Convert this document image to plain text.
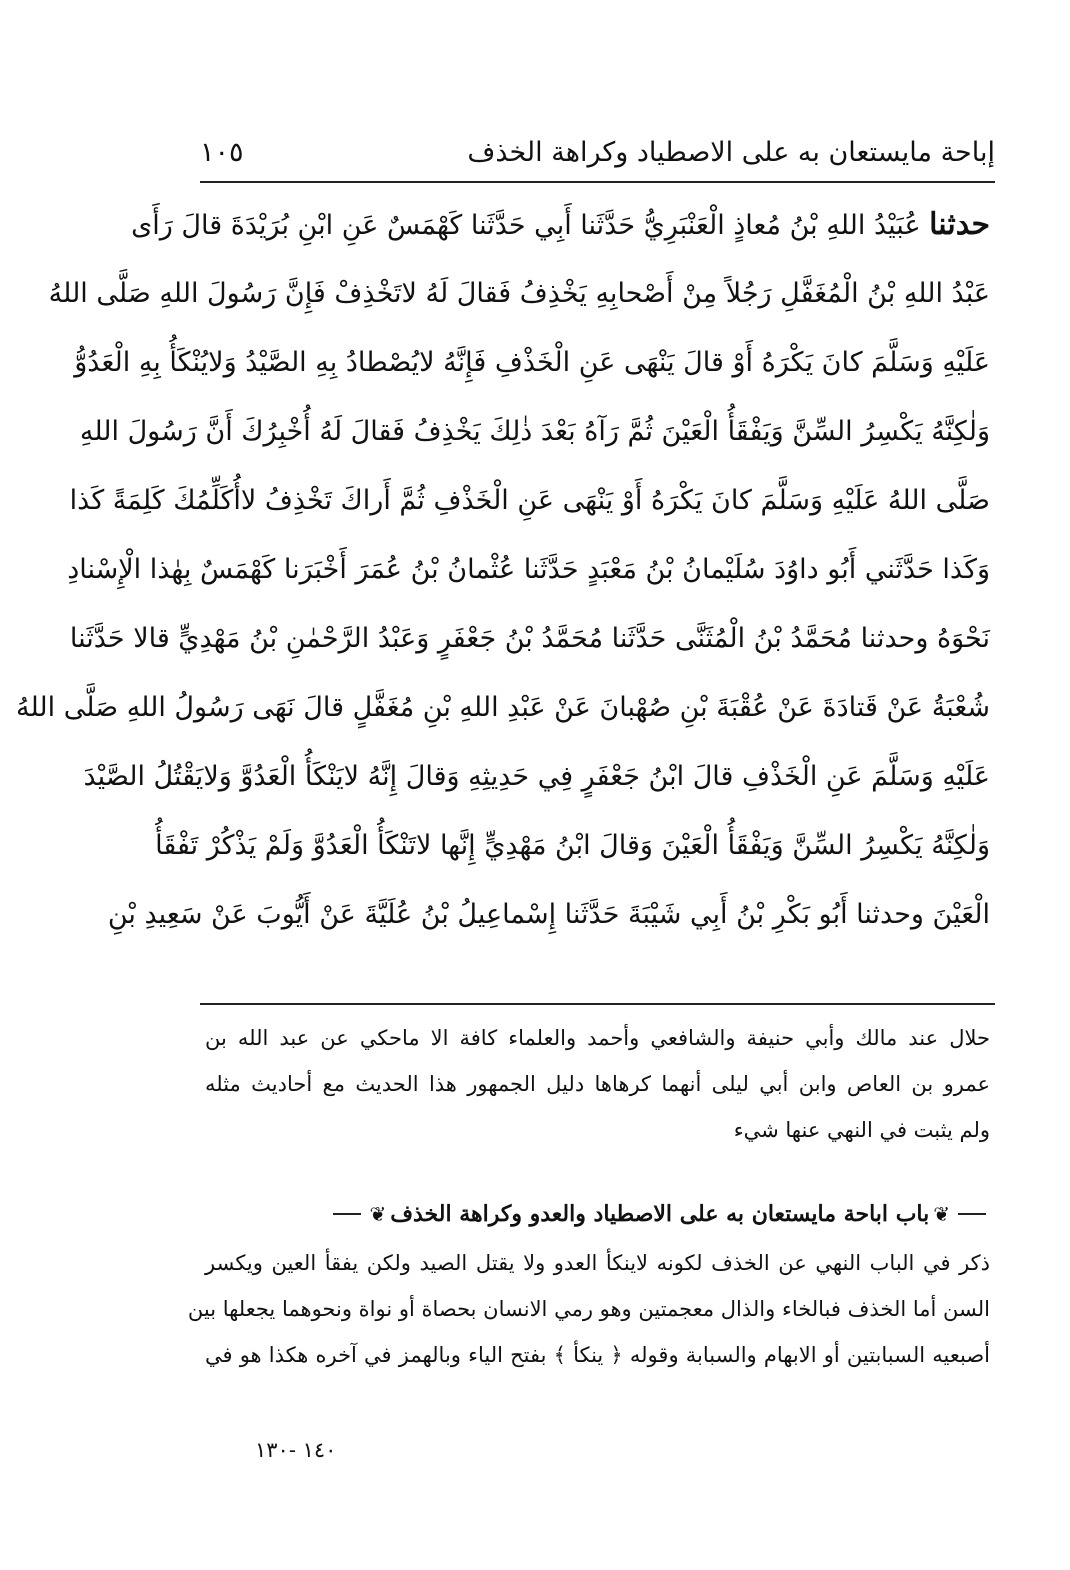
إباحة مايستعان به على الاصطياد وكراهة الخذف
١٠٥
حدثنا عُبَيْدُ اللهِ بْنُ مُعاذٍ الْعَنْبَرِيُّ حَدَّثَنا أَبِي حَدَّثَنا كَهْمَسٌ عَنِ ابْنِ بُرَيْدَةَ قالَ رَأَى
عَبْدُ اللهِ بْنُ الْمُغَفَّلِ رَجُلاً مِنْ أَصْحابِهِ يَخْذِفُ فَقالَ لَهُ لاتَخْذِفْ فَإِنَّ رَسُولَ اللهِ صَلَّى اللهُ
عَلَيْهِ وَسَلَّمَ كانَ يَكْرَهُ أَوْ قالَ يَنْهَى عَنِ الْخَذْفِ فَإِنَّهُ لايُصْطادُ بِهِ الصَّيْدُ وَلايُنْكَأُ بِهِ الْعَدُوُّ
وَلٰكِنَّهُ يَكْسِرُ السِّنَّ وَيَفْقَأُ الْعَيْنَ ثُمَّ رَآهُ بَعْدَ ذٰلِكَ يَخْذِفُ فَقالَ لَهُ أُخْبِرُكَ أَنَّ رَسُولَ اللهِ
صَلَّى اللهُ عَلَيْهِ وَسَلَّمَ كانَ يَكْرَهُ أَوْ يَنْهَى عَنِ الْخَذْفِ ثُمَّ أَراكَ تَخْذِفُ لاأُكَلِّمُكَ كَلِمَةً كَذا
وَكَذا حَدَّثَني أَبُو داوُدَ سُلَيْمانُ بْنُ مَعْبَدٍ حَدَّثَنا عُثْمانُ بْنُ عُمَرَ أَخْبَرَنا كَهْمَسٌ بِهٰذا الْإِسْنادِ
نَحْوَهُ وحدثنا مُحَمَّدُ بْنُ الْمُثَنَّى حَدَّثَنا مُحَمَّدُ بْنُ جَعْفَرٍ وَعَبْدُ الرَّحْمٰنِ بْنُ مَهْدِيٍّ قالا حَدَّثَنا
شُعْبَةُ عَنْ قَتادَةَ عَنْ عُقْبَةَ بْنِ صُهْبانَ عَنْ عَبْدِ اللهِ بْنِ مُغَفَّلٍ قالَ نَهَى رَسُولُ اللهِ صَلَّى اللهُ
عَلَيْهِ وَسَلَّمَ عَنِ الْخَذْفِ قالَ ابْنُ جَعْفَرٍ فِي حَدِيثِهِ وَقالَ إِنَّهُ لايَنْكَأُ الْعَدُوَّ وَلايَقْتُلُ الصَّيْدَ
وَلٰكِنَّهُ يَكْسِرُ السِّنَّ وَيَفْقَأُ الْعَيْنَ وَقالَ ابْنُ مَهْدِيٍّ إِنَّها لاتَنْكَأُ الْعَدُوَّ وَلَمْ يَذْكُرْ تَفْقَأُ
الْعَيْنَ وحدثنا أَبُو بَكْرِ بْنُ أَبِي شَيْبَةَ حَدَّثَنا إِسْماعِيلُ بْنُ عُلَيَّةَ عَنْ أَيُّوبَ عَنْ سَعِيدِ بْنِ
حلال عند مالك وأبي حنيفة والشافعي وأحمد والعلماء كافة الا ماحكي عن عبد الله بن
عمرو بن العاص وابن أبي ليلى أنهما كرهاها دليل الجمهور هذا الحديث مع أحاديث مثله
ولم يثبت في النهي عنها شيء
❦
باب اباحة مايستعان به على الاصطياد والعدو وكراهة الخذف
❦
ذكر في الباب النهي عن الخذف لكونه لاينكأ العدو ولا يقتل الصيد ولكن يفقأ العين ويكسر
السن أما الخذف فبالخاء والذال معجمتين وهو رمي الانسان بحصاة أو نواة ونحوهما يجعلها بين
أصبعيه السبابتين أو الابهام والسبابة وقوله ﴿ ينكأ ﴾ بفتح الياء وبالهمز في آخره هكذا هو في
١٤٠ -١٣٠
